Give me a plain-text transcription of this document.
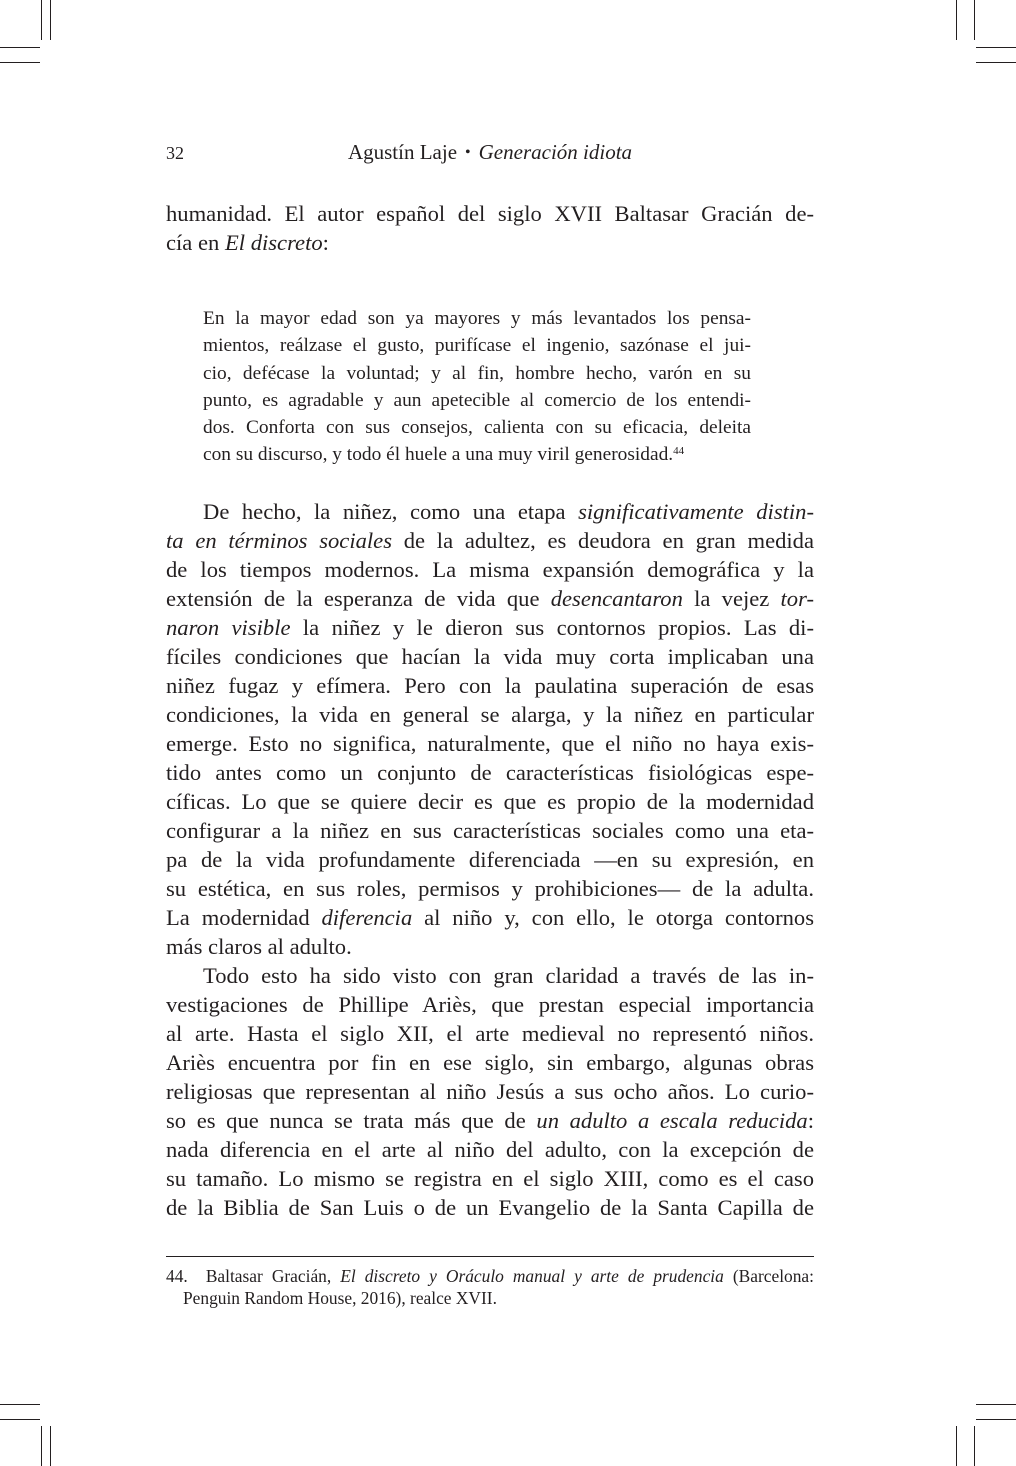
32	Agustín Laje • Generación idiota
humanidad. El autor español del siglo XVII Baltasar Gracián de-
cía en El discreto:
En la mayor edad son ya mayores y más levantados los pensa-
mientos, reálzase el gusto, purifícase el ingenio, sazónase el jui-
cio, defécase la voluntad; y al fin, hombre hecho, varón en su
punto, es agradable y aun apetecible al comercio de los entendi-
dos. Conforta con sus consejos, calienta con su eficacia, deleita
con su discurso, y todo él huele a una muy viril generosidad.$^{44}$
De hecho, la niñez, como una etapa significativamente distin-
ta en términos sociales de la adultez, es deudora en gran medida
de los tiempos modernos. La misma expansión demográfica y la
extensión de la esperanza de vida que desencantaron la vejez tor-
naron visible la niñez y le dieron sus contornos propios. Las di-
fíciles condiciones que hacían la vida muy corta implicaban una
niñez fugaz y efímera. Pero con la paulatina superación de esas
condiciones, la vida en general se alarga, y la niñez en particular
emerge. Esto no significa, naturalmente, que el niño no haya exis-
tido antes como un conjunto de características fisiológicas espe-
cíficas. Lo que se quiere decir es que es propio de la modernidad
configurar a la niñez en sus características sociales como una eta-
pa de la vida profundamente diferenciada —en su expresión, en
su estética, en sus roles, permisos y prohibiciones— de la adulta.
La modernidad diferencia al niño y, con ello, le otorga contornos
más claros al adulto.
Todo esto ha sido visto con gran claridad a través de las in-
vestigaciones de Phillipe Ariès, que prestan especial importancia
al arte. Hasta el siglo XII, el arte medieval no representó niños.
Ariès encuentra por fin en ese siglo, sin embargo, algunas obras
religiosas que representan al niño Jesús a sus ocho años. Lo curio-
so es que nunca se trata más que de un adulto a escala reducida:
nada diferencia en el arte al niño del adulto, con la excepción de
su tamaño. Lo mismo se registra en el siglo XIII, como es el caso
de la Biblia de San Luis o de un Evangelio de la Santa Capilla de
44. Baltasar Gracián, El discreto y Oráculo manual y arte de prudencia (Barcelona:
Penguin Random House, 2016), realce XVII.
